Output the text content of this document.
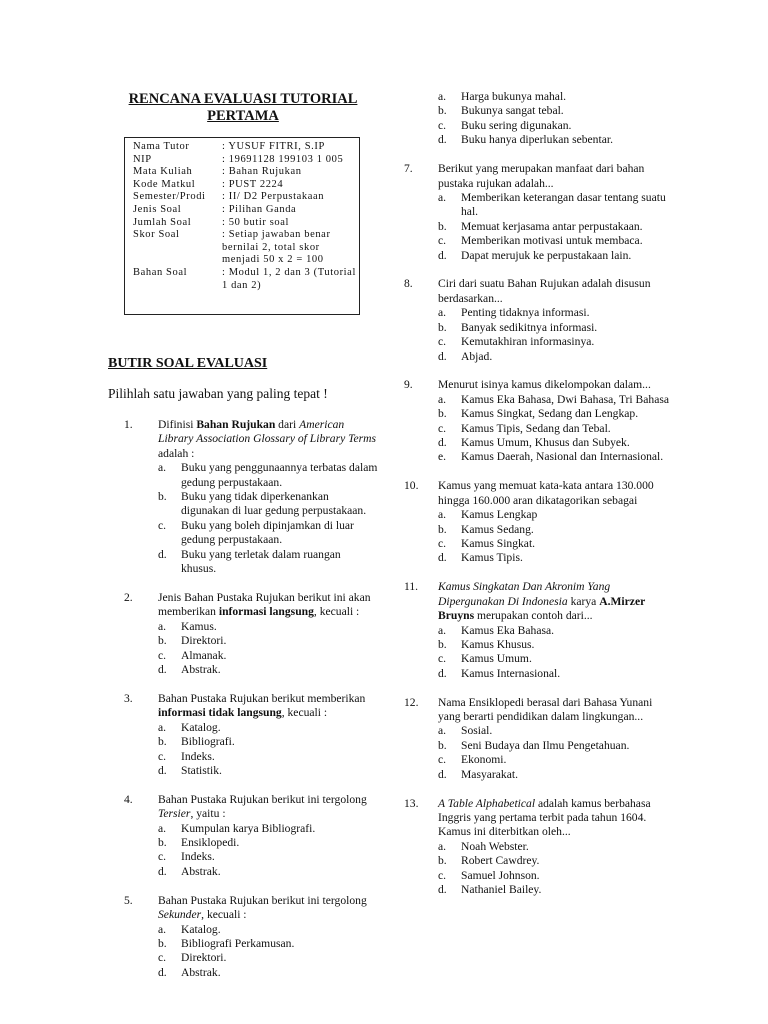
RENCANA EVALUASI TUTORIAL
PERTAMA
Nama Tutor	: YUSUF FITRI, S.IP
NIP	: 19691128 199103 1 005
Mata Kuliah	: Bahan Rujukan
Kode Matkul	: PUST 2224
Semester/Prodi	: II/ D2 Perpustakaan
Jenis Soal	: Pilihan Ganda
Jumlah Soal	: 50 butir soal
Skor Soal	: Setiap jawaban benar bernilai 2, total skor menjadi 50 x 2 = 100
Bahan Soal	: Modul 1, 2 dan 3 (Tutorial 1 dan 2)
BUTIR SOAL EVALUASI
Pilihlah satu jawaban yang paling tepat !
1.	Difinisi Bahan Rujukan dari American Library Association Glossary of Library Terms adalah :
a.	Buku yang penggunaannya terbatas dalam gedung perpustakaan.
b.	Buku yang tidak diperkenankan digunakan di luar gedung perpustakaan.
c.	Buku yang boleh dipinjamkan di luar gedung perpustakaan.
d.	Buku yang terletak dalam ruangan khusus.
2.	Jenis Bahan Pustaka Rujukan berikut ini akan memberikan informasi langsung, kecuali :
a.	Kamus.
b.	Direktori.
c.	Almanak.
d.	Abstrak.
3.	Bahan Pustaka Rujukan berikut memberikan informasi tidak langsung, kecuali :
a.	Katalog.
b.	Bibliografi.
c.	Indeks.
d.	Statistik.
4.	Bahan Pustaka Rujukan berikut ini tergolong Tersier, yaitu :
a.	Kumpulan karya Bibliografi.
b.	Ensiklopedi.
c.	Indeks.
d.	Abstrak.
5.	Bahan Pustaka Rujukan berikut ini tergolong Sekunder, kecuali :
a.	Katalog.
b.	Bibliografi Perkamusan.
c.	Direktori.
d.	Abstrak.
a.	Harga bukunya mahal.
b.	Bukunya sangat tebal.
c.	Buku sering digunakan.
d.	Buku hanya diperlukan sebentar.
7.	Berikut yang merupakan manfaat dari bahan pustaka rujukan adalah...
a.	Memberikan keterangan dasar tentang suatu hal.
b.	Memuat kerjasama antar perpustakaan.
c.	Memberikan motivasi untuk membaca.
d.	Dapat merujuk ke perpustakaan lain.
8.	Ciri dari suatu Bahan Rujukan adalah disusun berdasarkan...
a.	Penting tidaknya informasi.
b.	Banyak sedikitnya informasi.
c.	Kemutakhiran informasinya.
d.	Abjad.
9.	Menurut isinya kamus dikelompokan dalam...
a.	Kamus Eka Bahasa, Dwi Bahasa, Tri Bahasa
b.	Kamus Singkat, Sedang dan Lengkap.
c.	Kamus Tipis, Sedang dan Tebal.
d.	Kamus Umum, Khusus dan Subyek.
e.	Kamus Daerah, Nasional dan Internasional.
10.	Kamus yang memuat kata-kata antara 130.000 hingga 160.000 aran dikatagorikan sebagai
a.	Kamus Lengkap
b.	Kamus Sedang.
c.	Kamus Singkat.
d.	Kamus Tipis.
11.	Kamus Singkatan Dan Akronim Yang Dipergunakan Di Indonesia karya A.Mirzer Bruyns merupakan contoh dari...
a.	Kamus Eka Bahasa.
b.	Kamus Khusus.
c.	Kamus Umum.
d.	Kamus Internasional.
12.	Nama Ensiklopedi berasal dari Bahasa Yunani yang berarti pendidikan dalam lingkungan...
a.	Sosial.
b.	Seni Budaya dan Ilmu Pengetahuan.
c.	Ekonomi.
d.	Masyarakat.
13.	A Table Alphabetical adalah kamus berbahasa Inggris yang pertama terbit pada tahun 1604. Kamus ini diterbitkan oleh...
a.	Noah Webster.
b.	Robert Cawdrey.
c.	Samuel Johnson.
d.	Nathaniel Bailey.
